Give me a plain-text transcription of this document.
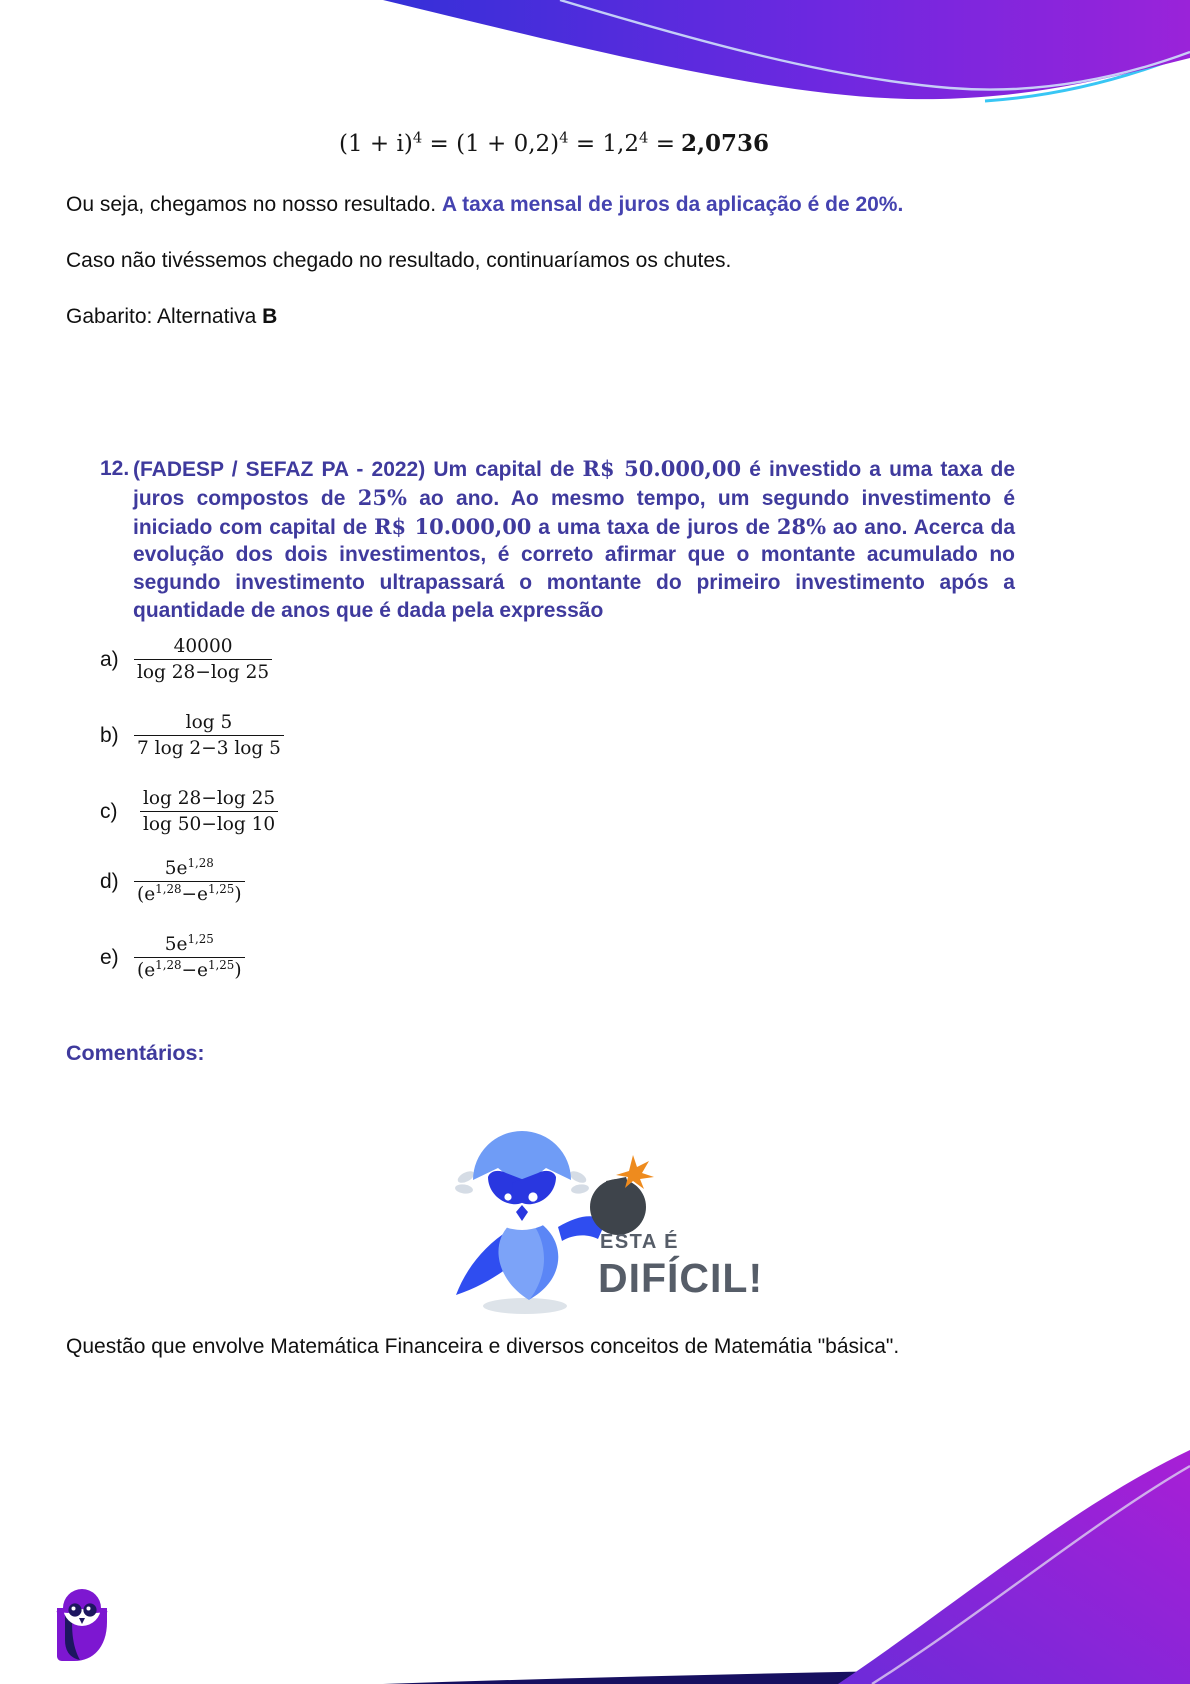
$(1 + i)^4 = (1 + 0,2)^4 = 1,2^4 = 2,0736$
Ou seja, chegamos no nosso resultado. A taxa mensal de juros da aplicação é de 20%.
Caso não tivéssemos chegado no resultado, continuaríamos os chutes.
Gabarito: Alternativa B
12. (FADESP / SEFAZ PA - 2022) Um capital de R$ 50.000,00 é investido a uma taxa de juros compostos de 25% ao ano. Ao mesmo tempo, um segundo investimento é iniciado com capital de R$ 10.000,00 a uma taxa de juros de 28% ao ano. Acerca da evolução dos dois investimentos, é correto afirmar que o montante acumulado no segundo investimento ultrapassará o montante do primeiro investimento após a quantidade de anos que é dada pela expressão
$a) \frac{40000}{\log 28-\log 25}$
$b) \frac{\log 5}{7 \log 2-3 \log 5}$
$c) \frac{\log 28-\log 25}{\log 50-\log 10}$
$d) \frac{5e^{1,28}}{(e^{1,28}-e^{1,25})}$
$e) \frac{5e^{1,25}}{(e^{1,28}-e^{1,25})}$
Comentários:
ESTA É
DIFÍCIL!
Questão que envolve Matemática Financeira e diversos conceitos de Matemátia "básica".
